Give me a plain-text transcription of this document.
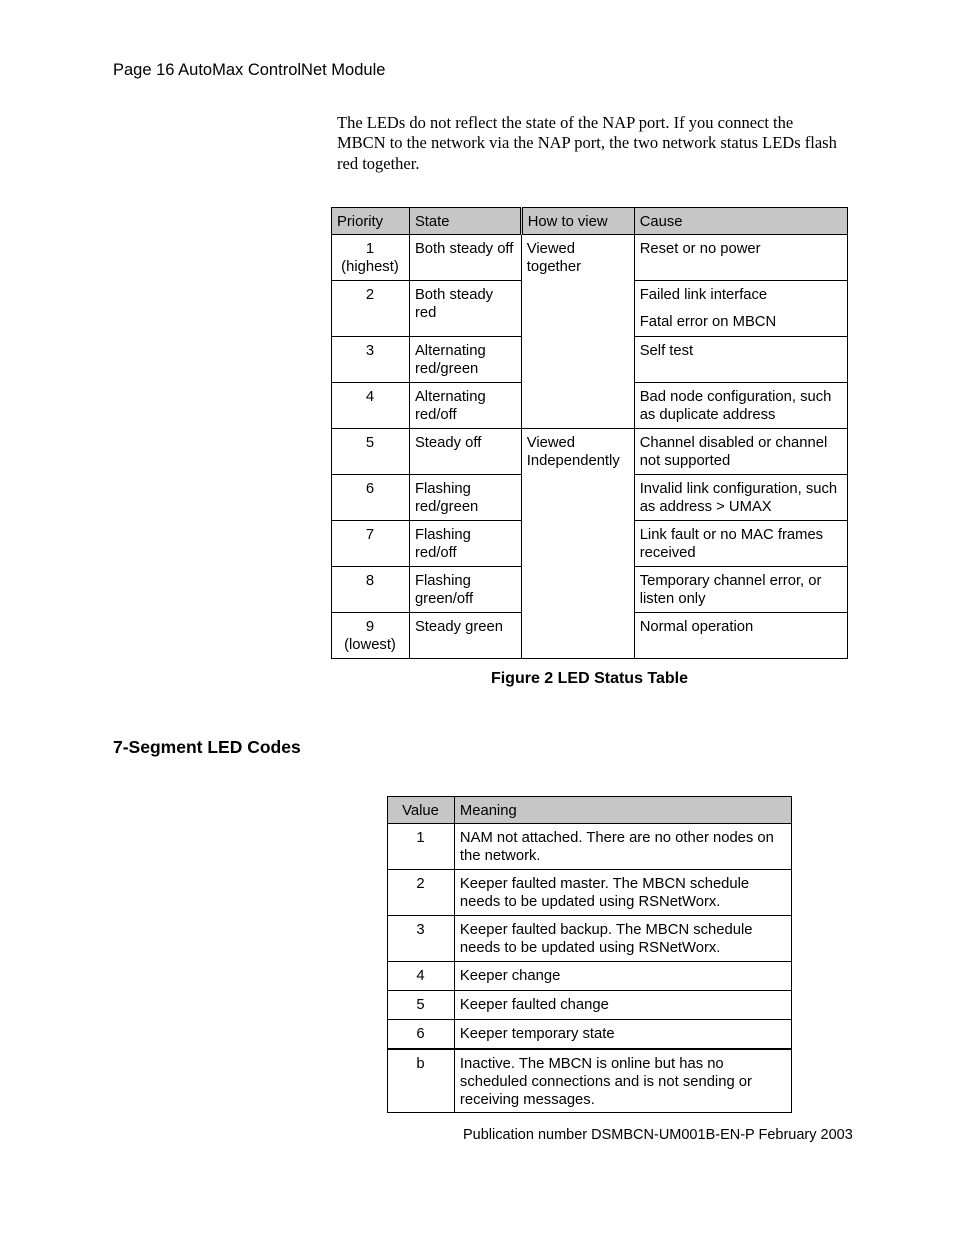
Page 16 AutoMax ControlNet Module
The LEDs do not reflect the state of the NAP port. If you connect the MBCN to the network via the NAP port, the two network status LEDs flash red together.
Priority	State	How to view	Cause

1
(highest)	Both steady off	Viewed together	Reset or no power
2	Both steady red		Failed link interface
Fatal error on MBCN

3	Alternating red/green		Self test
4	Alternating red/off		Bad node configuration, such as duplicate address
5	Steady off	Viewed Independently	Channel disabled or channel not supported
6	Flashing red/green		Invalid link configuration, such as address > UMAX
7	Flashing red/off		Link fault or no MAC frames received
8	Flashing green/off		Temporary channel error, or listen only

9
(lowest)	Steady green		Normal operation
Figure 2 LED Status Table
7-Segment LED Codes
Value	Meaning
1	NAM not attached. There are no other nodes on the network.
2	Keeper faulted master. The MBCN schedule needs to be updated using RSNetWorx.
3	Keeper faulted backup. The MBCN schedule needs to be updated using RSNetWorx.
4	Keeper change
5	Keeper faulted change
6	Keeper temporary state
b	Inactive. The MBCN is online but has no scheduled connections and is not sending or receiving messages.
Publication number DSMBCN-UM001B-EN-P February 2003
